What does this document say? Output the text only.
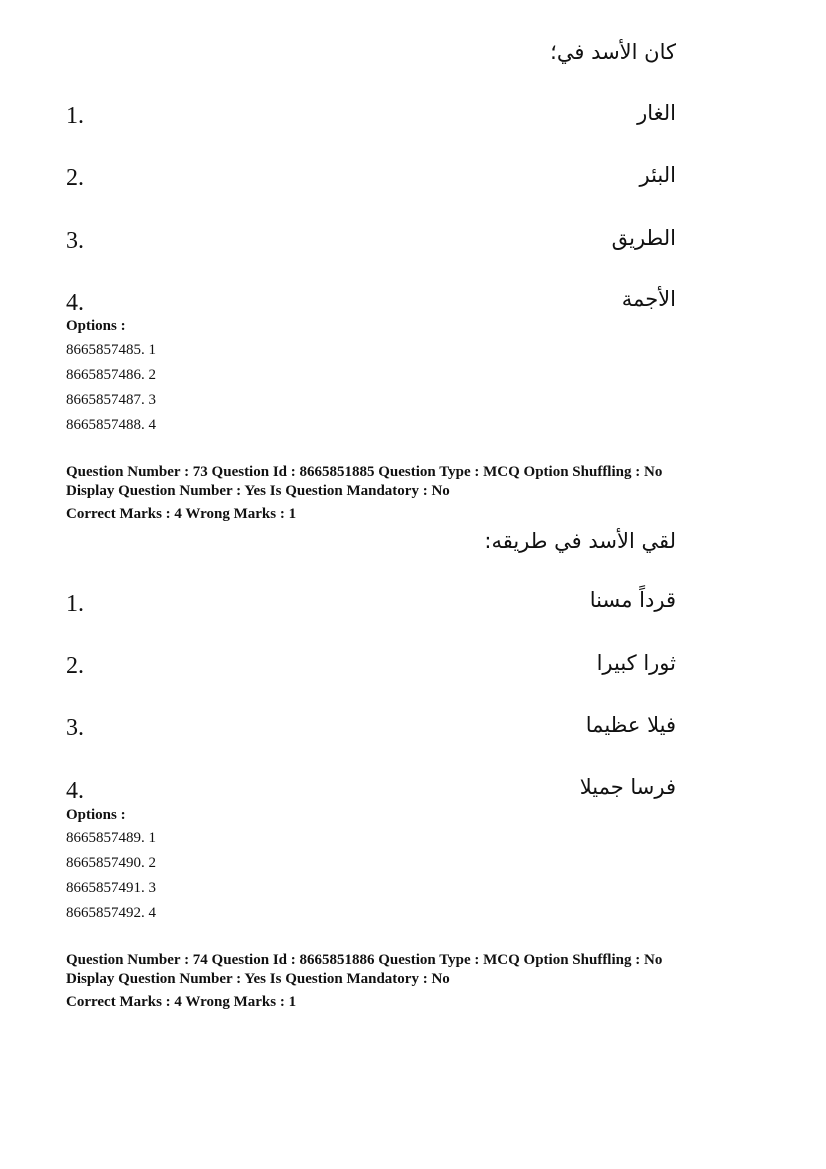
كان الأسد في؛
الغار
1.
البئر
2.
الطريق
3.
الأجمة
4.
Options :
8665857485. 1
8665857486. 2
8665857487. 3
8665857488. 4
Question Number : 73 Question Id : 8665851885 Question Type : MCQ Option Shuffling : No
Display Question Number : Yes Is Question Mandatory : No
Correct Marks : 4 Wrong Marks : 1
لقي الأسد في طريقه:
قرداً مسنا
1.
ثورا كبيرا
2.
فيلا عظيما
3.
فرسا جميلا
4.
Options :
8665857489. 1
8665857490. 2
8665857491. 3
8665857492. 4
Question Number : 74 Question Id : 8665851886 Question Type : MCQ Option Shuffling : No
Display Question Number : Yes Is Question Mandatory : No
Correct Marks : 4 Wrong Marks : 1
